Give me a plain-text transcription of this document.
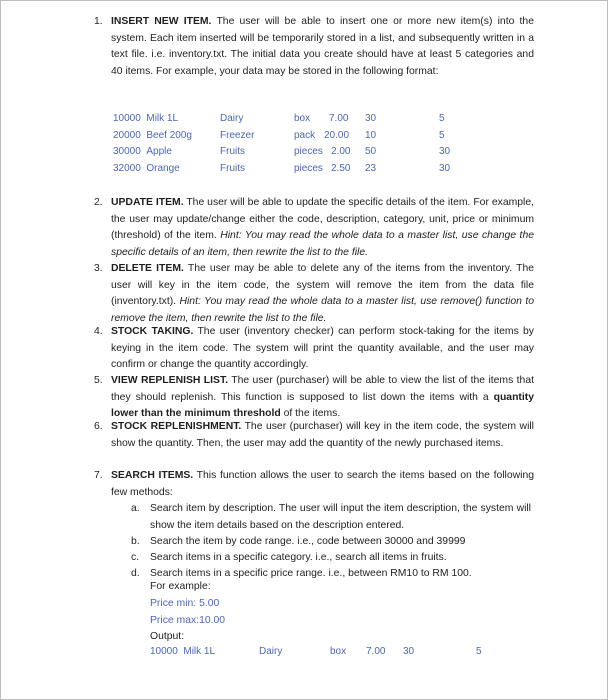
1. INSERT NEW ITEM. The user will be able to insert one or more new item(s) into the system. Each item inserted will be temporarily stored in a list, and subsequently written in a text file. i.e. inventory.txt. The initial data you create should have at least 5 categories and 40 items. For example, your data may be stored in the following format:
10000 Milk 1L	Dairy	box 7.00 30	5
20000 Beef 200g	Freezer	pack 20.00 10	5
30000 Apple	Fruits	pieces 2.00 50	30
32000 Orange	Fruits	pieces 2.50 23	30
2. UPDATE ITEM. The user will be able to update the specific details of the item. For example, the user may update/change either the code, description, category, unit, price or minimum (threshold) of the item. Hint: You may read the whole data to a master list, use change the specific details of an item, then rewrite the list to the file.
3. DELETE ITEM. The user may be able to delete any of the items from the inventory. The user will key in the item code, the system will remove the item from the data file (inventory.txt). Hint: You may read the whole data to a master list, use remove() function to remove the item, then rewrite the list to the file.
4. STOCK TAKING. The user (inventory checker) can perform stock-taking for the items by keying in the item code. The system will print the quantity available, and the user may confirm or change the quantity accordingly.
5. VIEW REPLENISH LIST. The user (purchaser) will be able to view the list of the items that they should replenish. This function is supposed to list down the items with a quantity lower than the minimum threshold of the items.
6. STOCK REPLENISHMENT. The user (purchaser) will key in the item code, the system will show the quantity. Then, the user may add the quantity of the newly purchased items.
7. SEARCH ITEMS. This function allows the user to search the items based on the following few methods:
a. Search item by description. The user will input the item description, the system will show the item details based on the description entered.
b. Search the item by code range. i.e., code between 30000 and 39999
c. Search items in a specific category. i.e., search all items in fruits.
d. Search items in a specific price range. i.e., between RM10 to RM 100.
For example:
Price min: 5.00
Price max:10.00
Output:
10000 Milk 1L	Dairy	box 7.00 30	5
